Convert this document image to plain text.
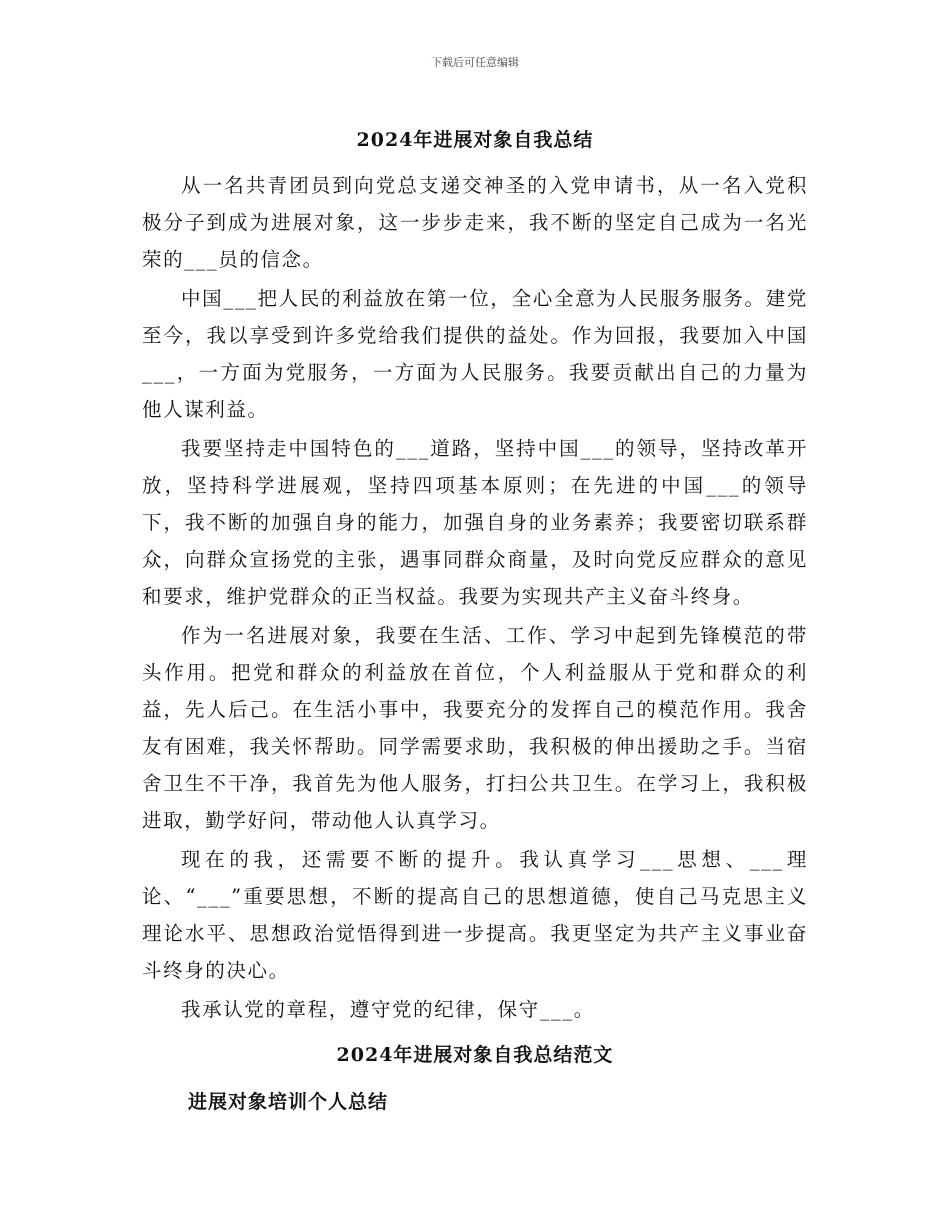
下载后可任意编辑
2024年进展对象自我总结

从一名共青团员到向党总支递交神圣的入党申请书，从一名入党积极分子到成为进展对象，这一步步走来，我不断的坚定自己成为一名光荣的___员的信念。

中国___把人民的利益放在第一位，全心全意为人民服务服务。建党至今，我以享受到许多党给我们提供的益处。作为回报，我要加入中国___，一方面为党服务，一方面为人民服务。我要贡献出自己的力量为他人谋利益。

我要坚持走中国特色的___道路，坚持中国___的领导，坚持改革开放，坚持科学进展观，坚持四项基本原则；在先进的中国___的领导下，我不断的加强自身的能力，加强自身的业务素养；我要密切联系群众，向群众宣扬党的主张，遇事同群众商量，及时向党反应群众的意见和要求，维护党群众的正当权益。我要为实现共产主义奋斗终身。

作为一名进展对象，我要在生活、工作、学习中起到先锋模范的带头作用。把党和群众的利益放在首位，个人利益服从于党和群众的利益，先人后己。在生活小事中，我要充分的发挥自己的模范作用。我舍友有困难，我关怀帮助。同学需要求助，我积极的伸出援助之手。当宿舍卫生不干净，我首先为他人服务，打扫公共卫生。在学习上，我积极进取，勤学好问，带动他人认真学习。

现在的我，还需要不断的提升。我认真学习___思想、___理论、“___”重要思想，不断的提高自己的思想道德，使自己马克思主义理论水平、思想政治觉悟得到进一步提高。我更坚定为共产主义事业奋斗终身的决心。

我承认党的章程，遵守党的纪律，保守___。

2024年进展对象自我总结范文
进展对象培训个人总结
